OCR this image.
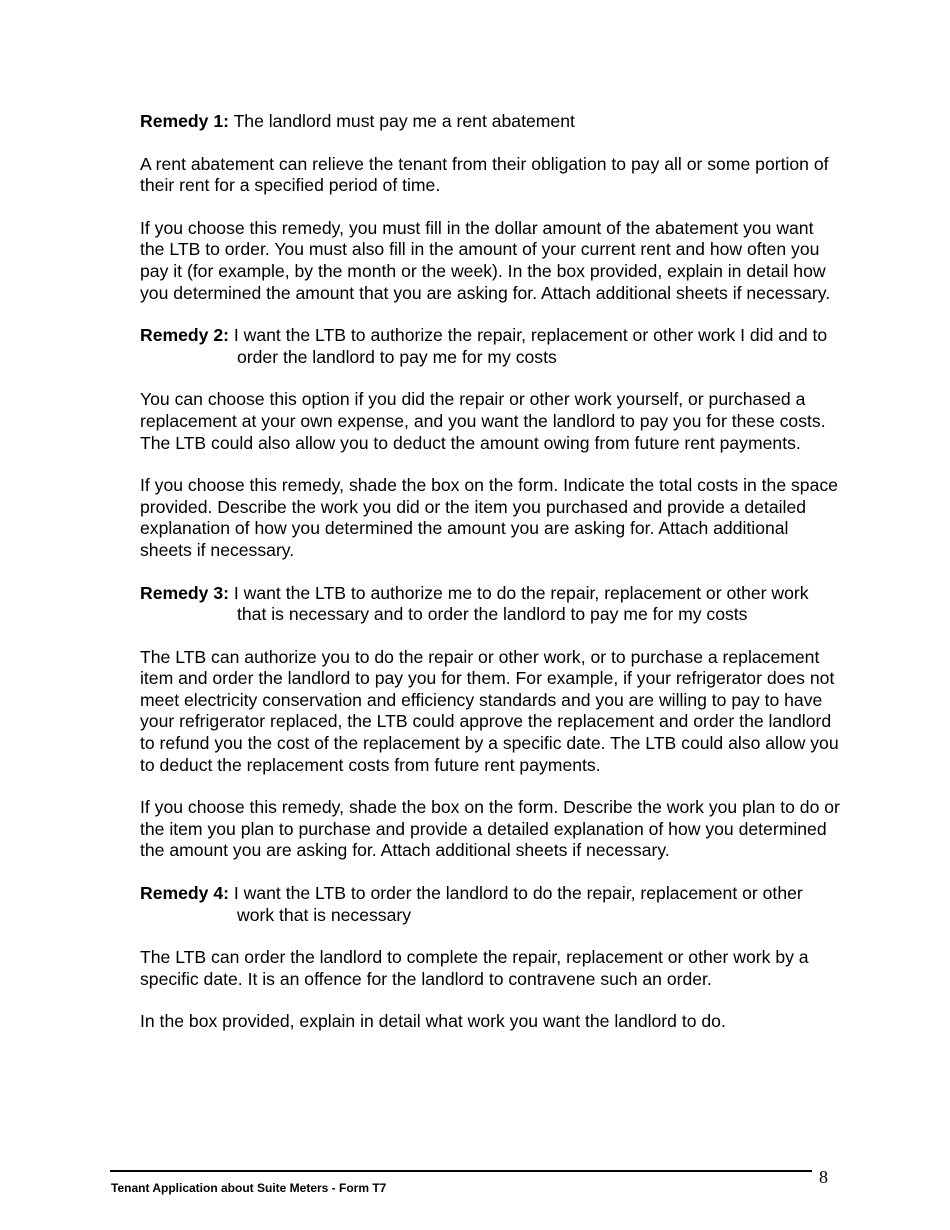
Remedy 1: The landlord must pay me a rent abatement

A rent abatement can relieve the tenant from their obligation to pay all or some portion of their rent for a specified period of time.

If you choose this remedy, you must fill in the dollar amount of the abatement you want the LTB to order. You must also fill in the amount of your current rent and how often you pay it (for example, by the month or the week). In the box provided, explain in detail how you determined the amount that you are asking for. Attach additional sheets if necessary.

Remedy 2: I want the LTB to authorize the repair, replacement or other work I did and to order the landlord to pay me for my costs

You can choose this option if you did the repair or other work yourself, or purchased a replacement at your own expense, and you want the landlord to pay you for these costs. The LTB could also allow you to deduct the amount owing from future rent payments.

If you choose this remedy, shade the box on the form. Indicate the total costs in the space provided. Describe the work you did or the item you purchased and provide a detailed explanation of how you determined the amount you are asking for. Attach additional sheets if necessary.

Remedy 3: I want the LTB to authorize me to do the repair, replacement or other work that is necessary and to order the landlord to pay me for my costs

The LTB can authorize you to do the repair or other work, or to purchase a replacement item and order the landlord to pay you for them. For example, if your refrigerator does not meet electricity conservation and efficiency standards and you are willing to pay to have your refrigerator replaced, the LTB could approve the replacement and order the landlord to refund you the cost of the replacement by a specific date. The LTB could also allow you to deduct the replacement costs from future rent payments.

If you choose this remedy, shade the box on the form. Describe the work you plan to do or the item you plan to purchase and provide a detailed explanation of how you determined the amount you are asking for. Attach additional sheets if necessary.

Remedy 4: I want the LTB to order the landlord to do the repair, replacement or other work that is necessary

The LTB can order the landlord to complete the repair, replacement or other work by a specific date. It is an offence for the landlord to contravene such an order.

In the box provided, explain in detail what work you want the landlord to do.

8
Tenant Application about Suite Meters - Form T7
